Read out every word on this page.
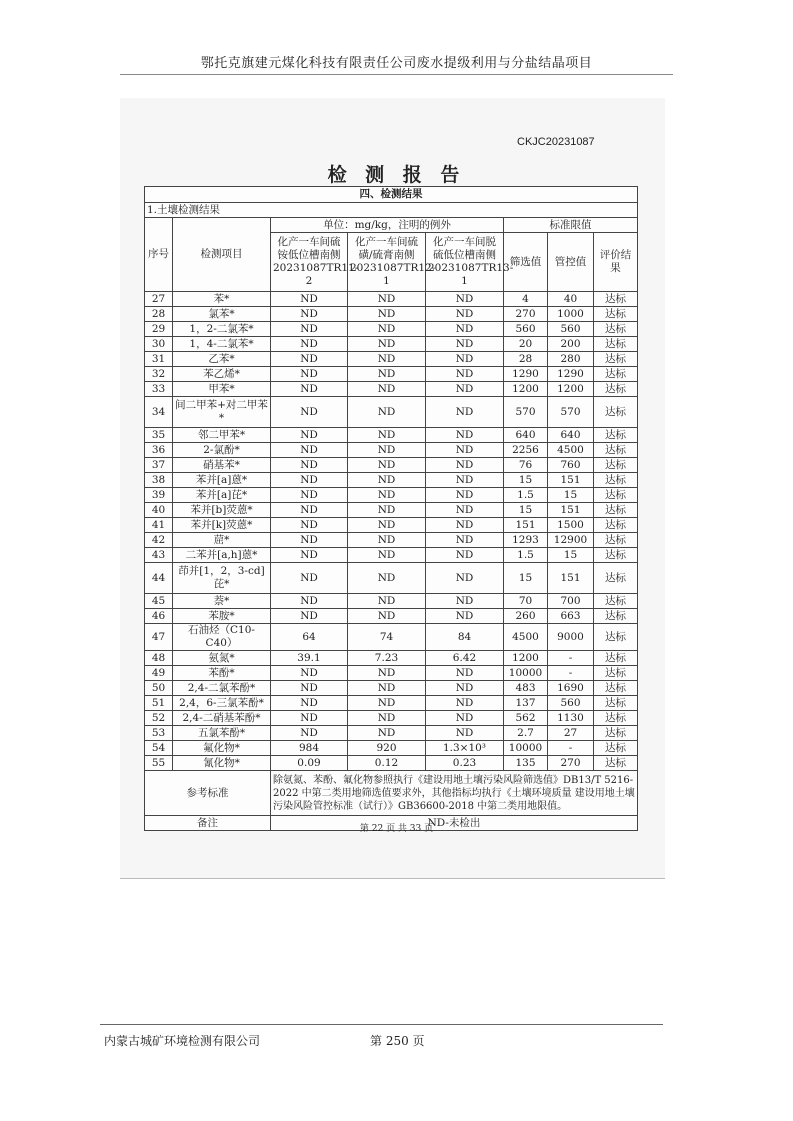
鄂托克旗建元煤化科技有限责任公司废水提级利用与分盐结晶项目
CKJC20231087
检 测 报 告
四、检测结果							
1.土壤检测结果							
序号	检测项目	单位：mg/kg，注明的例外			标准限值		
		化产一车间硫铵低位槽南侧20231087TR11-2	化产一车间硫磺/硫膏南侧20231087TR12-1	化产一车间脱硫低位槽南侧20231087TR13-1	筛选值	管控值	评价结果
27	苯*	ND	ND	ND	4	40	达标
28	氯苯*	ND	ND	ND	270	1000	达标
29	1，2-二氯苯*	ND	ND	ND	560	560	达标
30	1，4-二氯苯*	ND	ND	ND	20	200	达标
31	乙苯*	ND	ND	ND	28	280	达标
32	苯乙烯*	ND	ND	ND	1290	1290	达标
33	甲苯*	ND	ND	ND	1200	1200	达标
34	间二甲苯+对二甲苯*	ND	ND	ND	570	570	达标
35	邻二甲苯*	ND	ND	ND	640	640	达标
36	2-氯酚*	ND	ND	ND	2256	4500	达标
37	硝基苯*	ND	ND	ND	76	760	达标
38	苯并[a]蒽*	ND	ND	ND	15	151	达标
39	苯并[a]芘*	ND	ND	ND	1.5	15	达标
40	苯并[b]荧蒽*	ND	ND	ND	15	151	达标
41	苯并[k]荧蒽*	ND	ND	ND	151	1500	达标
42	䓛*	ND	ND	ND	1293	12900	达标
43	二苯并[a,h]蒽*	ND	ND	ND	1.5	15	达标
44	茚并[1，2，3-cd]芘*	ND	ND	ND	15	151	达标
45	萘*	ND	ND	ND	70	700	达标
46	苯胺*	ND	ND	ND	260	663	达标
47	石油烃（C10-C40）	64	74	84	4500	9000	达标
48	氨氮*	39.1	7.23	6.42	1200	-	达标
49	苯酚*	ND	ND	ND	10000	-	达标
50	2,4-二氯苯酚*	ND	ND	ND	483	1690	达标
51	2,4，6-三氯苯酚*	ND	ND	ND	137	560	达标
52	2,4-二硝基苯酚*	ND	ND	ND	562	1130	达标
53	五氯苯酚*	ND	ND	ND	2.7	27	达标
54	氟化物*	984	920	1.3×10³	10000	-	达标
55	氰化物*	0.09	0.12	0.23	135	270	达标
参考标准		除氨氮、苯酚、氟化物参照执行《建设用地土壤污染风险筛选值》DB13/T 5216-2022 中第二类用地筛选值要求外，其他指标均执行《土壤环境质量 建设用地土壤污染风险管控标准（试行）》GB36600-2018 中第二类用地限值。					
备注		ND-未检出					
第 22 页 共 33 页
内蒙古城矿环境检测有限公司	第 250 页
